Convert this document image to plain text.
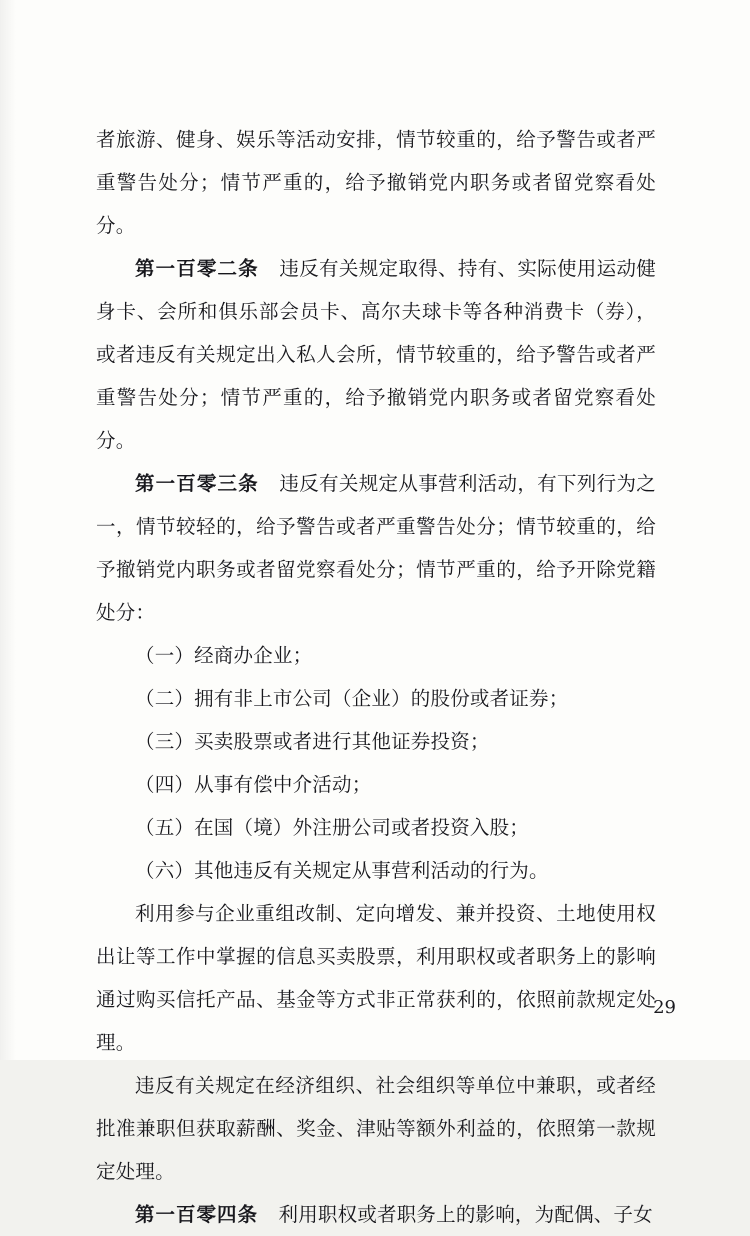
者旅游、健身、娱乐等活动安排，情节较重的，给予警告或者严重警告处分；情节严重的，给予撤销党内职务或者留党察看处分。

第一百零二条 违反有关规定取得、持有、实际使用运动健身卡、会所和俱乐部会员卡、高尔夫球卡等各种消费卡（券），或者违反有关规定出入私人会所，情节较重的，给予警告或者严重警告处分；情节严重的，给予撤销党内职务或者留党察看处分。

第一百零三条 违反有关规定从事营利活动，有下列行为之一，情节较轻的，给予警告或者严重警告处分；情节较重的，给予撤销党内职务或者留党察看处分；情节严重的，给予开除党籍处分：

（一）经商办企业；

（二）拥有非上市公司（企业）的股份或者证券；

（三）买卖股票或者进行其他证券投资；

（四）从事有偿中介活动；

（五）在国（境）外注册公司或者投资入股；

（六）其他违反有关规定从事营利活动的行为。

利用参与企业重组改制、定向增发、兼并投资、土地使用权出让等工作中掌握的信息买卖股票，利用职权或者职务上的影响通过购买信托产品、基金等方式非正常获利的，依照前款规定处理。

违反有关规定在经济组织、社会组织等单位中兼职，或者经批准兼职但获取薪酬、奖金、津贴等额外利益的，依照第一款规定处理。

第一百零四条 利用职权或者职务上的影响，为配偶、子女

29
